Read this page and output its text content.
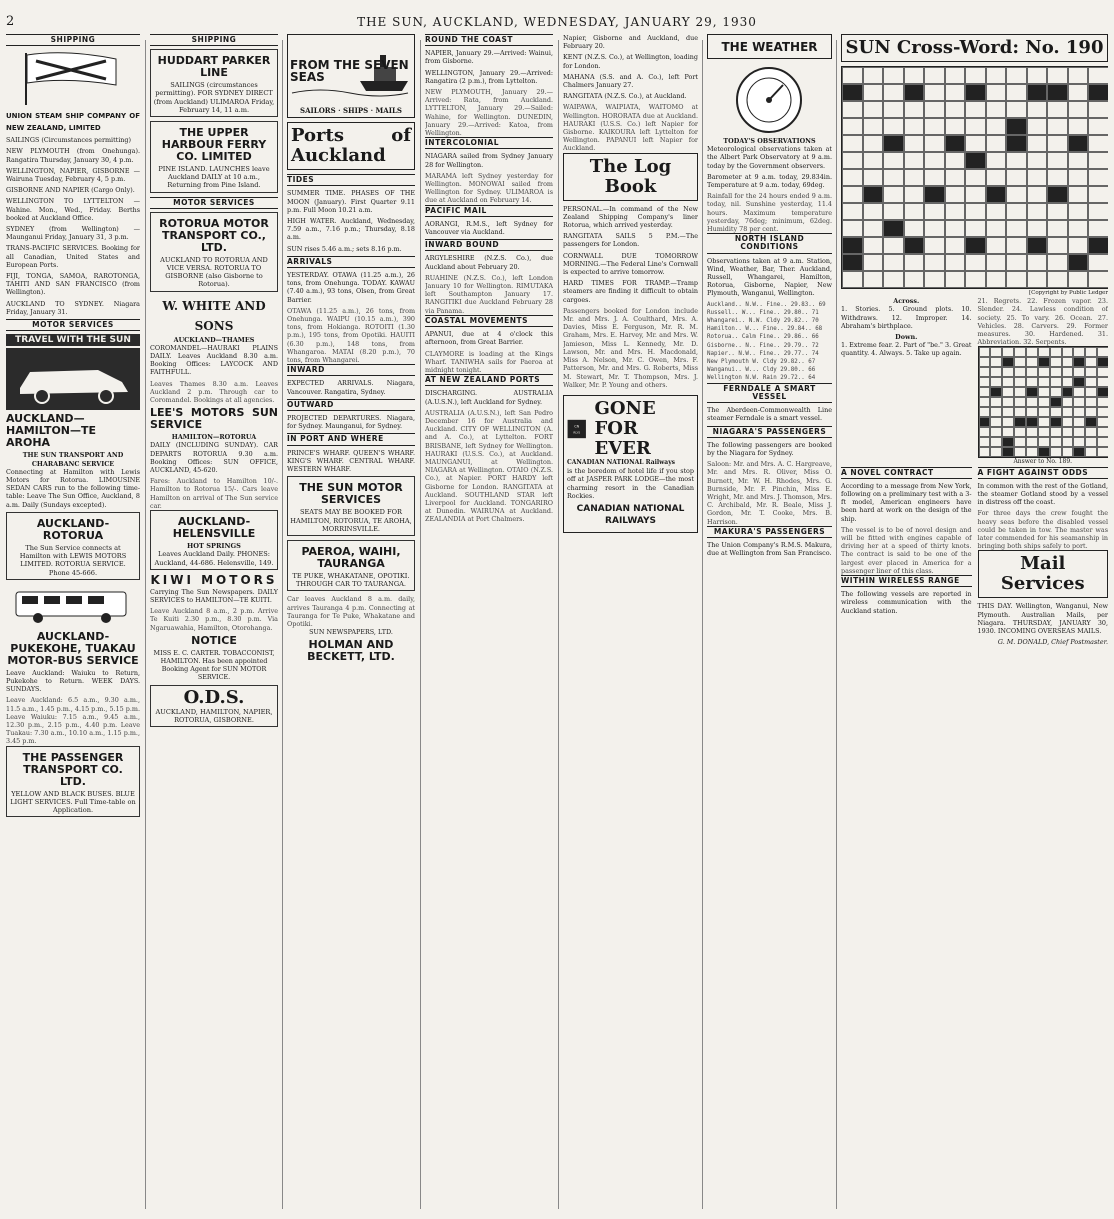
2	THE SUN, AUCKLAND, WEDNESDAY, JANUARY 29, 1930
SHIPPING
UNION STEAM SHIP COMPANY OF NEW ZEALAND, LIMITED

SAILINGS (Circumstances permitting)

NEW PLYMOUTH (from Onehunga). Rangatira Thursday, January 30, 4 p.m.

WELLINGTON, NAPIER, GISBORNE — Wairuna Tuesday, February 4, 5 p.m.

GISBORNE AND NAPIER (Cargo Only).

WELLINGTON TO LYTTELTON — Wahine. Mon., Wed., Friday. Berths booked at Auckland Office.

SYDNEY (from Wellington) — Maunganui Friday, January 31, 3 p.m.

TRANS-PACIFIC SERVICES. Booking for all Canadian, United States and European Ports.

FIJI, TONGA, SAMOA, RAROTONGA, TAHITI AND SAN FRANCISCO (from Wellington).

AUCKLAND TO SYDNEY. Niagara Friday, January 31.

MOTOR SERVICES
TRAVEL WITH THE SUN
AUCKLAND—HAMILTON—TE AROHA
THE SUN TRANSPORT AND CHARABANC SERVICE

Connecting at Hamilton with Lewis Motors for Rotorua. LIMOUSINE SEDAN CARS run to the following time-table: Leave The Sun Office, Auckland, 8 a.m. Daily (Sundays excepted).

AUCKLAND-ROTORUA
The Sun Service connects at Hamilton with LEWIS MOTORS LIMITED. ROTORUA SERVICE. Phone 45-666.
AUCKLAND-PUKEKOHE, TUAKAU MOTOR-BUS SERVICE

Leave Auckland: Waiuku to Return, Pukekohe to Return. WEEK DAYS. SUNDAYS.

Leave Auckland: 6.5 a.m., 9.30 a.m., 11.5 a.m., 1.45 p.m., 4.15 p.m., 5.15 p.m. Leave Waiuku: 7.15 a.m., 9.45 a.m., 12.30 p.m., 2.15 p.m., 4.40 p.m. Leave Tuakau: 7.30 a.m., 10.10 a.m., 1.15 p.m., 3.45 p.m.
THE PASSENGER TRANSPORT CO. LTD.
YELLOW AND BLACK BUSES. BLUE LIGHT SERVICES. Full Time-table on Application.
SHIPPING
HUDDART PARKER LINE
SAILINGS (circumstances permitting). FOR SYDNEY DIRECT (from Auckland) ULIMAROA Friday, February 14, 11 a.m.
THE UPPER HARBOUR FERRY CO. LIMITED
PINE ISLAND. LAUNCHES leave Auckland DAILY at 10 a.m., Returning from Pine Island.
MOTOR SERVICES
ROTORUA MOTOR TRANSPORT CO., LTD.
AUCKLAND TO ROTORUA AND VICE VERSA. ROTORUA TO GISBORNE (also Gisborne to Rotorua).
W. WHITE AND SONS
AUCKLAND—THAMES

COROMANDEL—HAURAKI PLAINS DAILY. Leaves Auckland 8.30 a.m. Booking Offices: LAYCOCK AND FAITHFULL.

Leaves Thames 8.30 a.m. Leaves Auckland 2 p.m. Through car to Coromandel. Bookings at all agencies.
LEE'S MOTORS SUN SERVICE
HAMILTON—ROTORUA

DAILY (INCLUDING SUNDAY). CAR DEPARTS ROTORUA 9.30 a.m. Booking Offices: SUN OFFICE, AUCKLAND, 45-620.

Fares: Auckland to Hamilton 10/-. Hamilton to Rotorua 15/-. Cars leave Hamilton on arrival of The Sun service car.
AUCKLAND-HELENSVILLE
HOT SPRINGS
Leaves Auckland Daily. PHONES: Auckland, 44-686. Helensville, 149.
KIWI MOTORS

Carrying The Sun Newspapers. DAILY SERVICES to HAMILTON—TE KUITI.

Leave Auckland 8 a.m., 2 p.m. Arrive Te Kuiti 2.30 p.m., 8.30 p.m. Via Ngaruawahia, Hamilton, Otorohanga.
NOTICE

MISS E. C. CARTER. TOBACCONIST, HAMILTON. Has been appointed Booking Agent for SUN MOTOR SERVICE.

O.D.S.
AUCKLAND, HAMILTON, NAPIER, ROTORUA, GISBORNE.
FROM THE SEVEN SEAS
SAILORS · SHIPS · MAILS
Ports of Auckland
TIDES

SUMMER TIME. PHASES OF THE MOON (January). First Quarter 9.11 p.m. Full Moon 10.21 a.m.

HIGH WATER. Auckland, Wednesday, 7.59 a.m., 7.16 p.m.; Thursday, 8.18 a.m.

SUN rises 5.46 a.m.; sets 8.16 p.m.

ARRIVALS

YESTERDAY. OTAWA (11.25 a.m.), 26 tons, from Onehunga. TODAY. KAWAU (7.40 a.m.), 93 tons, Olsen, from Great Barrier.

OTAWA (11.25 a.m.), 26 tons, from Onehunga. WAIPU (10.15 a.m.), 390 tons, from Hokianga. ROTOITI (1.30 p.m.), 195 tons, from Opotiki. HAUITI (6.30 p.m.), 148 tons, from Whangaroa. MATAI (8.20 p.m.), 70 tons, from Whangarei.
INWARD

EXPECTED ARRIVALS. Niagara, Vancouver. Rangatira, Sydney.

OUTWARD

PROJECTED DEPARTURES. Niagara, for Sydney. Maunganui, for Sydney.

IN PORT AND WHERE

PRINCE'S WHARF. QUEEN'S WHARF. KING'S WHARF. CENTRAL WHARF. WESTERN WHARF.

THE SUN MOTOR SERVICES
SEATS MAY BE BOOKED FOR HAMILTON, ROTORUA, TE AROHA, MORRINSVILLE.
PAEROA, WAIHI, TAURANGA
TE PUKE, WHAKATANE, OPOTIKI. THROUGH CAR TO TAURANGA.
Car leaves Auckland 8 a.m. daily, arrives Tauranga 4 p.m. Connecting at Tauranga for Te Puke, Whakatane and Opotiki.
SUN NEWSPAPERS, LTD.
HOLMAN AND BECKETT, LTD.
ROUND THE COAST

NAPIER, January 29.—Arrived: Wainui, from Gisborne.

WELLINGTON, January 29.—Arrived: Rangatira (2 p.m.), from Lyttelton.

NEW PLYMOUTH, January 29.—Arrived: Rata, from Auckland. LYTTELTON, January 29.—Sailed: Wahine, for Wellington. DUNEDIN, January 29.—Arrived: Katoa, from Wellington.
INTERCOLONIAL

NIAGARA sailed from Sydney January 28 for Wellington.

MARAMA left Sydney yesterday for Wellington. MONOWAI sailed from Wellington for Sydney. ULIMAROA is due at Auckland on February 14.
PACIFIC MAIL

AORANGI, R.M.S., left Sydney for Vancouver via Auckland.

INWARD BOUND

ARGYLESHIRE (N.Z.S. Co.), due Auckland about February 20.

RUAHINE (N.Z.S. Co.), left London January 10 for Wellington. RIMUTAKA left Southampton January 17. RANGITIKI due Auckland February 28 via Panama.
COASTAL MOVEMENTS

APANUI, due at 4 o'clock this afternoon, from Great Barrier.

CLAYMORE is loading at the Kings Wharf. TANIWHA sails for Paeroa at midnight tonight.
AT NEW ZEALAND PORTS

DISCHARGING. AUSTRALIA (A.U.S.N.), left Auckland for Sydney.

AUSTRALIA (A.U.S.N.), left San Pedro December 16 for Australia and Auckland. CITY OF WELLINGTON (A. and A. Co.), at Lyttelton. FORT BRISBANE, left Sydney for Wellington. HAURAKI (U.S.S. Co.), at Auckland. MAUNGANUI, at Wellington. NIAGARA at Wellington. OTAIO (N.Z.S. Co.), at Napier. PORT HARDY left Gisborne for London. RANGITATA at Auckland. SOUTHLAND STAR left Liverpool for Auckland. TONGARIRO at Dunedin. WAIRUNA at Auckland. ZEALANDIA at Port Chalmers.

Napier, Gisborne and Auckland, due February 20.

KENT (N.Z.S. Co.), at Wellington, loading for London.

MAHANA (S.S. and A. Co.), left Port Chalmers January 27.

RANGITATA (N.Z.S. Co.), at Auckland.

WAIPAWA, WAIPIATA, WAITOMO at Wellington. HORORATA due at Auckland. HAURAKI (U.S.S. Co.) left Napier for Gisborne. KAIKOURA left Lyttelton for Wellington. PAPANUI left Napier for Auckland.
The Log Book

PERSONAL.—In command of the New Zealand Shipping Company's liner Rotorua, which arrived yesterday.

RANGITATA SAILS 5 P.M.—The passengers for London.

CORNWALL DUE TOMORROW MORNING.—The Federal Line's Cornwall is expected to arrive tomorrow.

HARD TIMES FOR TRAMP.—Tramp steamers are finding it difficult to obtain cargoes.

Passengers booked for London include Mr. and Mrs. J. A. Coulthard, Mrs. A. Davies, Miss E. Ferguson, Mr. R. M. Graham, Mrs. E. Harvey, Mr. and Mrs. W. Jamieson, Miss L. Kennedy, Mr. D. Lawson, Mr. and Mrs. H. Macdonald, Miss A. Nelson, Mr. C. Owen, Mrs. F. Patterson, Mr. and Mrs. G. Roberts, Miss M. Stewart, Mr. T. Thompson, Mrs. J. Walker, Mr. P. Young and others.
CN
RLYS
GONE FOR EVER
CANADIAN NATIONAL Railways

is the boredom of hotel life if you stop off at JASPER PARK LODGE—the most charming resort in the Canadian Rockies.

CANADIAN NATIONAL RAILWAYS
THE WEATHER
TODAY'S OBSERVATIONS

Meteorological observations taken at the Albert Park Observatory at 9 a.m. today by the Government observers.

Barometer at 9 a.m. today, 29.834in. Temperature at 9 a.m. today, 69deg.

Rainfall for the 24 hours ended 9 a.m. today, nil. Sunshine yesterday, 11.4 hours. Maximum temperature yesterday, 76deg; minimum, 62deg. Humidity 78 per cent.
NORTH ISLAND CONDITIONS

Observations taken at 9 a.m. Station, Wind, Weather, Bar, Ther. Auckland, Russell, Whangarei, Hamilton, Rotorua, Gisborne, Napier, New Plymouth, Wanganui, Wellington.

Auckland.. N.W.. Fine.. 29.83.. 69
Russell.. W... Fine.. 29.80.. 71
Whangarei.. N.W. Cldy 29.82.. 70
Hamilton.. W... Fine.. 29.84.. 68
Rotorua.. Calm Fine.. 29.86.. 66
Gisborne.. N.. Fine.. 29.79.. 72
Napier.. N.W.. Fine.. 29.77.. 74
New Plymouth W. Cldy 29.82.. 67
Wanganui.. W... Cldy 29.80.. 66
Wellington N.W. Rain 29.72.. 64
FERNDALE A SMART VESSEL

The Aberdeen-Commonwealth Line steamer Ferndale is a smart vessel.

NIAGARA'S PASSENGERS

The following passengers are booked by the Niagara for Sydney.

Saloon: Mr. and Mrs. A. C. Hargreave, Mr. and Mrs. R. Oliver, Miss O. Burnett, Mr. W. H. Rhodes, Mrs. G. Burnside, Mr. F. Pinchin, Miss E. Wright, Mr. and Mrs. J. Thomson, Mrs. C. Archibald, Mr. R. Beale, Miss J. Gordon, Mr. T. Cooke, Mrs. B. Harrison.
MAKURA'S PASSENGERS

The Union Company's R.M.S. Makura, due at Wellington from San Francisco.

SUN Cross-Word: No. 190
[Copyright by Public Ledger
Across.

1. Stories. 5. Ground plots. 10. Withdraws. 12. Improper. 14. Abraham's birthplace.

Down.

1. Extreme fear. 2. Part of "be." 3. Great quantity. 4. Always. 5. Take up again.

21. Regrets. 22. Frozen vapor. 23. Slender. 24. Lawless condition of society. 25. To vary. 26. Ocean. 27. Vehicles. 28. Carvers. 29. Former measures. 30. Hardened. 31. Abbreviation. 32. Serpents.
Answer to No. 189.
A NOVEL CONTRACT

According to a message from New York, following on a preliminary test with a 3-ft model, American engineers have been hard at work on the design of the ship.

The vessel is to be of novel design and will be fitted with engines capable of driving her at a speed of thirty knots. The contract is said to be one of the largest ever placed in America for a passenger liner of this class.
WITHIN WIRELESS RANGE

The following vessels are reported in wireless communication with the Auckland station.

A FIGHT AGAINST ODDS

In common with the rest of the Gotland, the steamer Gotland stood by a vessel in distress off the coast.

For three days the crew fought the heavy seas before the disabled vessel could be taken in tow. The master was later commended for his seamanship in bringing both ships safely to port.
Mail Services

THIS DAY. Wellington, Wanganui, New Plymouth. Australian Mails, per Niagara. THURSDAY, JANUARY 30, 1930. INCOMING OVERSEAS MAILS.

G. M. DONALD, Chief Postmaster.
